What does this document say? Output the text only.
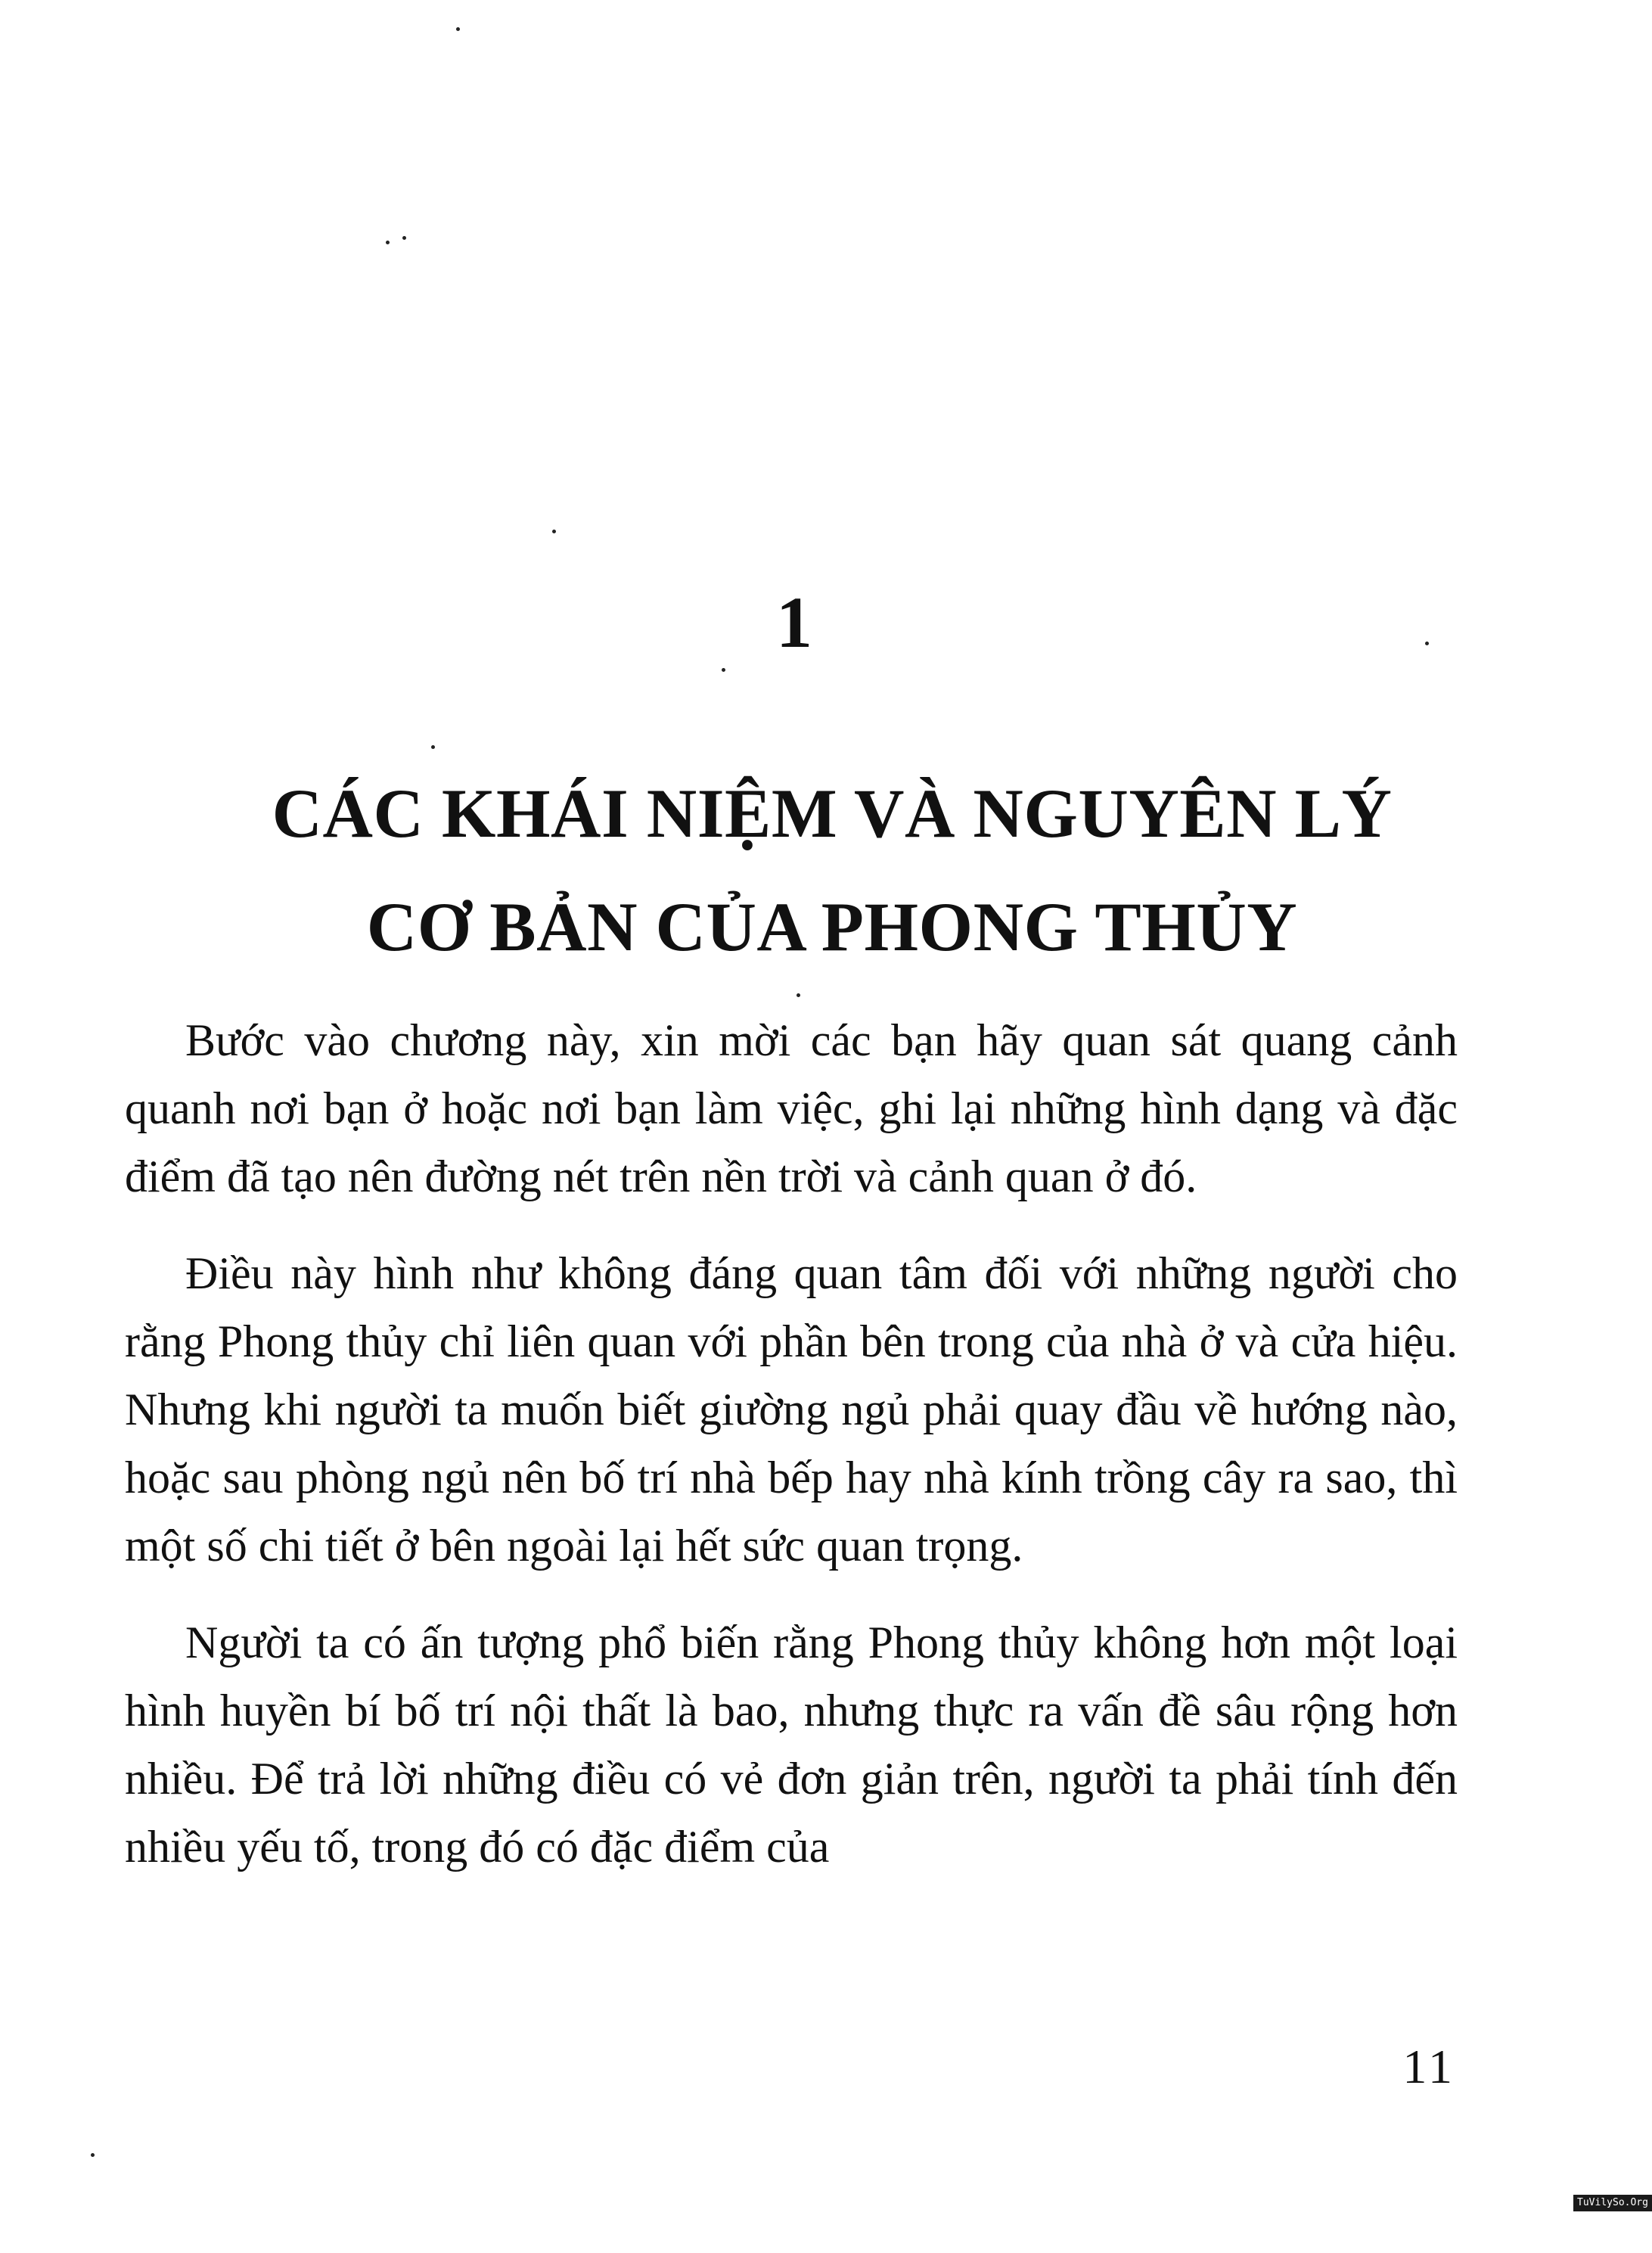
1
CÁC KHÁI NIỆM VÀ NGUYÊN LÝ
CƠ BẢN CỦA PHONG THỦY

Bước vào chương này, xin mời các bạn hãy quan sát quang cảnh quanh nơi bạn ở hoặc nơi bạn làm việc, ghi lại những hình dạng và đặc điểm đã tạo nên đường nét trên nền trời và cảnh quan ở đó.

Điều này hình như không đáng quan tâm đối với những người cho rằng Phong thủy chỉ liên quan với phần bên trong của nhà ở và cửa hiệu. Nhưng khi người ta muốn biết giường ngủ phải quay đầu về hướng nào, hoặc sau phòng ngủ nên bố trí nhà bếp hay nhà kính trồng cây ra sao, thì một số chi tiết ở bên ngoài lại hết sức quan trọng.

Người ta có ấn tượng phổ biến rằng Phong thủy không hơn một loại hình huyền bí bố trí nội thất là bao, nhưng thực ra vấn đề sâu rộng hơn nhiều. Để trả lời những điều có vẻ đơn giản trên, người ta phải tính đến nhiều yếu tố, trong đó có đặc điểm của

11
TuVilySo.Org
